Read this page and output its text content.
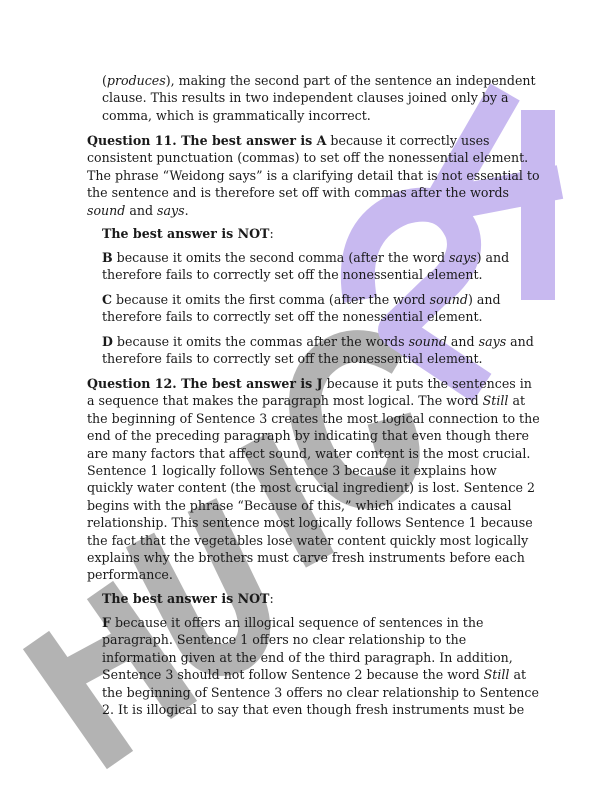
(produces), making the second part of the sentence an independent clause. This results in two independent clauses joined only by a comma, which is grammatically incorrect.

Question 11. The best answer is A because it correctly uses consistent punctuation (commas) to set off the nonessential element. The phrase “Weidong says” is a clarifying detail that is not essential to the sentence and is therefore set off with commas after the words sound and says.

The best answer is NOT:

B because it omits the second comma (after the word says) and therefore fails to correctly set off the nonessential element.

C because it omits the first comma (after the word sound) and therefore fails to correctly set off the nonessential element.

D because it omits the commas after the words sound and says and therefore fails to correctly set off the nonessential element.

Question 12. The best answer is J because it puts the sentences in a sequence that makes the paragraph most logical. The word Still at the beginning of Sentence 3 creates the most logical connection to the end of the preceding paragraph by indicating that even though there are many factors that affect sound, water content is the most crucial. Sentence 1 logically follows Sentence 3 because it explains how quickly water content (the most crucial ingredient) is lost. Sentence 2 begins with the phrase “Because of this,” which indicates a causal relationship. This sentence most logically follows Sentence 1 because the fact that the vegetables lose water content quickly most logically explains why the brothers must carve fresh instruments before each performance.

The best answer is NOT:

F because it offers an illogical sequence of sentences in the paragraph. Sentence 1 offers no clear relationship to the information given at the end of the third paragraph. In addition, Sentence 3 should not follow Sentence 2 because the word Still at the beginning of Sentence 3 offers no clear relationship to Sentence 2. It is illogical to say that even though fresh instruments must be
